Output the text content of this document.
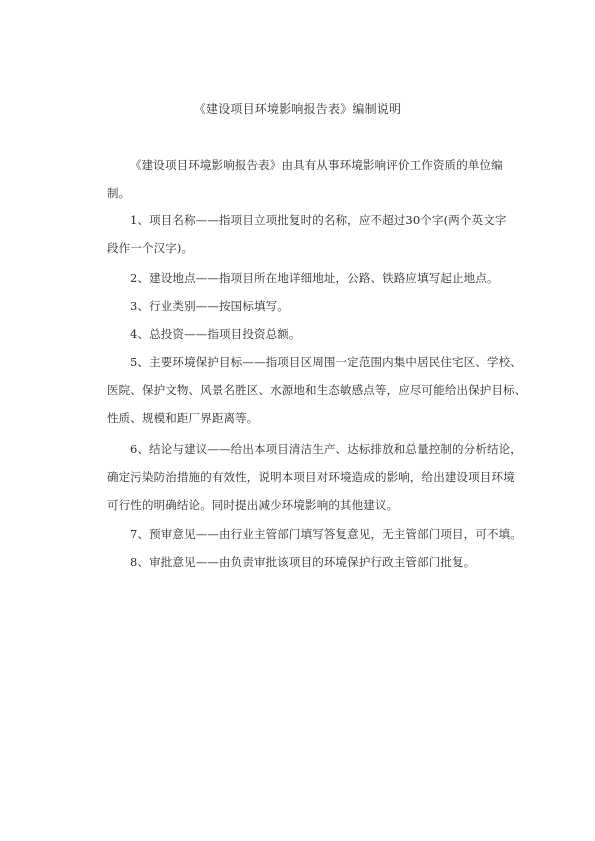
《建设项目环境影响报告表》编制说明
《建设项目环境影响报告表》由具有从事环境影响评价工作资质的单位编
制。
1、项目名称——指项目立项批复时的名称，应不超过30个字(两个英文字
段作一个汉字)。
2、建设地点——指项目所在地详细地址，公路、铁路应填写起止地点。
3、行业类别——按国标填写。
4、总投资——指项目投资总额。
5、主要环境保护目标——指项目区周围一定范围内集中居民住宅区、学校、
医院、保护文物、风景名胜区、水源地和生态敏感点等，应尽可能给出保护目标、
性质、规模和距厂界距离等。
6、结论与建议——给出本项目清洁生产、达标排放和总量控制的分析结论，
确定污染防治措施的有效性，说明本项目对环境造成的影响，给出建设项目环境
可行性的明确结论。同时提出减少环境影响的其他建议。
7、预审意见——由行业主管部门填写答复意见，无主管部门项目，可不填。
8、审批意见——由负责审批该项目的环境保护行政主管部门批复。
